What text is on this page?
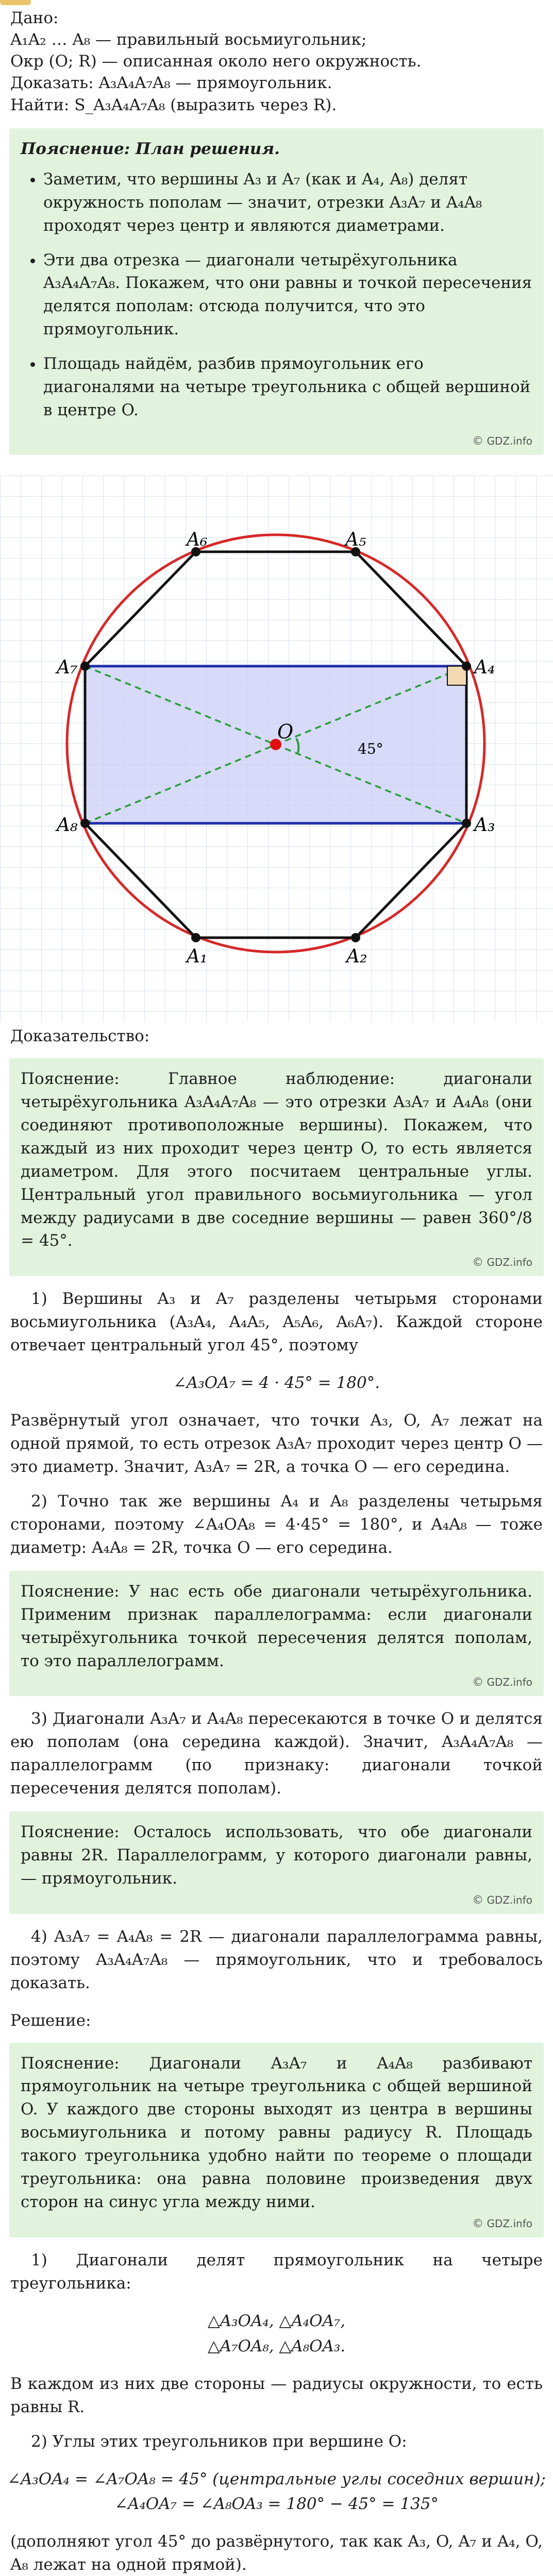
Дано:

A₁A₂ … A₈ — правильный восьмиугольник;

Окр (O; R) — описанная около него окружность.

Доказать: A₃A₄A₇A₈ — прямоугольник.

Найти: S_A₃A₄A₇A₈ (выразить через R).

Пояснение: План решения.
• Заметим, что вершины A₃ и A₇ (как и A₄, A₈) делят окружность пополам — значит, отрезки A₃A₇ и A₄A₈ проходят через центр и являются диаметрами.
• Эти два отрезка — диагонали четырёхугольника A₃A₄A₇A₈. Покажем, что они равны и точкой пересечения делятся пополам: отсюда получится, что это прямоугольник.
• Площадь найдём, разбив прямоугольник его диагоналями на четыре треугольника с общей вершиной в центре O.
© GDZ.info
A₆	A₅
A₄
A₃
A₂
A₁
A₈
A₇
O
45°

Доказательство:

Пояснение: Главное наблюдение: диагонали четырёхугольника A₃A₄A₇A₈ — это отрезки A₃A₇ и A₄A₈ (они соединяют противоположные вершины). Покажем, что каждый из них проходит через центр O, то есть является диаметром. Для этого посчитаем центральные углы. Центральный угол правильного восьмиугольника — угол между радиусами в две соседние вершины — равен 360°/8 = 45°.

© GDZ.info

1) Вершины A₃ и A₇ разделены четырьмя сторонами восьмиугольника (A₃A₄, A₄A₅, A₅A₆, A₆A₇). Каждой стороне отвечает центральный угол 45°, поэтому

∠A₃OA₇ = 4 · 45° = 180°.

Развёрнутый угол означает, что точки A₃, O, A₇ лежат на одной прямой, то есть отрезок A₃A₇ проходит через центр O — это диаметр. Значит, A₃A₇ = 2R, а точка O — его середина.

2) Точно так же вершины A₄ и A₈ разделены четырьмя сторонами, поэтому ∠A₄OA₈ = 4·45° = 180°, и A₄A₈ — тоже диаметр: A₄A₈ = 2R, точка O — его середина.

Пояснение: У нас есть обе диагонали четырёхугольника. Применим признак параллелограмма: если диагонали четырёхугольника точкой пересечения делятся пополам, то это параллелограмм.

© GDZ.info

3) Диагонали A₃A₇ и A₄A₈ пересекаются в точке O и делятся ею пополам (она середина каждой). Значит, A₃A₄A₇A₈ — параллелограмм (по признаку: диагонали точкой пересечения делятся пополам).

Пояснение: Осталось использовать, что обе диагонали равны 2R. Параллелограмм, у которого диагонали равны, — прямоугольник.

© GDZ.info

4) A₃A₇ = A₄A₈ = 2R — диагонали параллелограмма равны, поэтому A₃A₄A₇A₈ — прямоугольник, что и требовалось доказать.

Решение:

Пояснение: Диагонали A₃A₇ и A₄A₈ разбивают прямоугольник на четыре треугольника с общей вершиной O. У каждого две стороны выходят из центра в вершины восьмиугольника и потому равны радиусу R. Площадь такого треугольника удобно найти по теореме о площади треугольника: она равна половине произведения двух сторон на синус угла между ними.

© GDZ.info

1) Диагонали делят прямоугольник на четыре треугольника:

△A₃OA₄, △A₄OA₇,

△A₇OA₈, △A₈OA₃.

В каждом из них две стороны — радиусы окружности, то есть равны R.

2) Углы этих треугольников при вершине O:

∠A₃OA₄ = ∠A₇OA₈ = 45° (центральные углы соседних вершин);

∠A₄OA₇ = ∠A₈OA₃ = 180° − 45° = 135°

(дополняют угол 45° до развёрнутого, так как A₃, O, A₇ и A₄, O, A₈ лежат на одной прямой).
